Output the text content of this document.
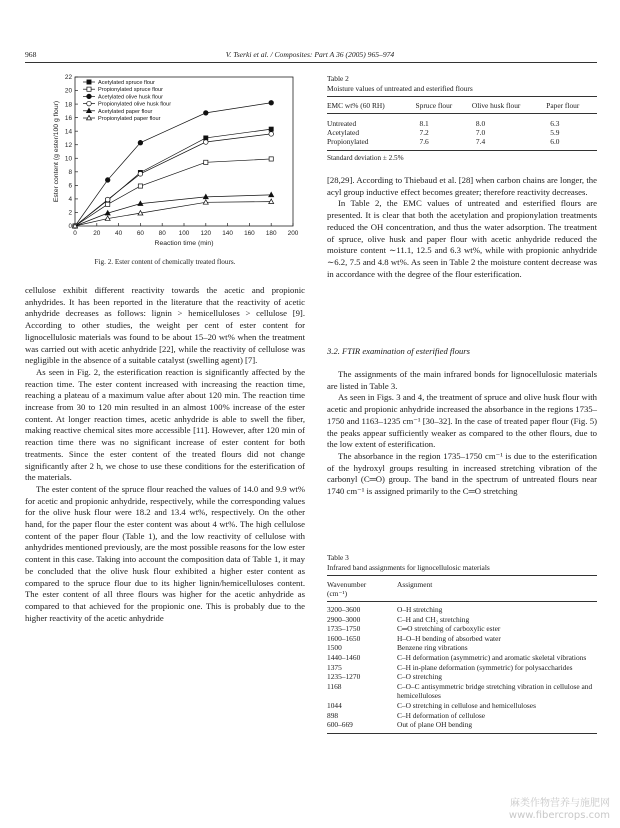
968	V. Tserki et al. / Composites: Part A 36 (2005) 965–974
0	20 40 60 80 100 120 140 160 180 200
0
2
4
6
8
10
12
14
16
18
20
22
Reaction time (min)
Ester content (g ester/100 g flour)
Acetylated spruce flour
Propionylated spruce flour
Acetylated olive husk flour
Propionylated olive husk flour
Acetylated paper flour
Propionylated paper flour
Fig. 2. Ester content of chemically treated flours.

cellulose exhibit different reactivity towards the acetic and propionic anhydrides. It has been reported in the literature that the reactivity of acetic anhydride decreases as follows: lignin > hemicelluloses > cellulose [9]. According to other studies, the weight per cent of ester content for lignocellulosic materials was found to be about 15–20 wt% when the treatment was carried out with acetic anhydride [22], while the reactivity of cellulose was negligible in the absence of a suitable catalyst (swelling agent) [7].

As seen in Fig. 2, the esterification reaction is significantly affected by the reaction time. The ester content increased with increasing the reaction time, reaching a plateau of a maximum value after about 120 min. The reaction time increase from 30 to 120 min resulted in an almost 100% increase of the ester content. At longer reaction times, acetic anhydride is able to swell the fiber, making reactive chemical sites more accessible [11]. However, after 120 min of reaction time there was no significant increase of ester content for both treatments. Since the ester content of the treated flours did not change significantly after 2 h, we chose to use these conditions for the esterification of the materials.

The ester content of the spruce flour reached the values of 14.0 and 9.9 wt% for acetic and propionic anhydride, respectively, while the corresponding values for the olive husk flour were 18.2 and 13.4 wt%, respectively. On the other hand, for the paper flour the ester content was about 4 wt%. The high cellulose content of the paper flour (Table 1), and the low reactivity of cellulose with anhydrides mentioned previously, are the most possible reasons for the low ester content in this case. Taking into account the composition data of Table 1, it may be concluded that the olive husk flour exhibited a higher ester content as compared to the spruce flour due to its higher lignin/hemicelluloses content. The ester content of all three flours was higher for the acetic anhydride as compared to that achieved for the propionic one. This is probably due to the higher reactivity of the acetic anhydride

Table 2
Moisture values of untreated and esterified flours
EMC wt% (60 RH)	Spruce flour	Olive husk flour	Paper flour
Untreated	8.1	8.0	6.3
Acetylated	7.2	7.0	5.9
Propionylated	7.6	7.4	6.0
Standard deviation ± 2.5%

[28,29]. According to Thiebaud et al. [28] when carbon chains are longer, the acyl group inductive effect becomes greater; therefore reactivity decreases.

In Table 2, the EMC values of untreated and esterified flours are presented. It is clear that both the acetylation and propionylation treatments reduced the OH concentration, and thus the water adsorption. The treatment of spruce, olive husk and paper flour with acetic anhydride reduced the moisture content ∼11.1, 12.5 and 6.3 wt%, while with propionic anhydride ∼6.2, 7.5 and 4.8 wt%. As seen in Table 2 the moisture content decrease was in accordance with the degree of the flour esterification.

3.2. FTIR examination of esterified flours

The assignments of the main infrared bonds for lignocellulosic materials are listed in Table 3.

As seen in Figs. 3 and 4, the treatment of spruce and olive husk flour with acetic and propionic anhydride increased the absorbance in the regions 1735–1750 and 1163–1235 cm⁻¹ [30–32]. In the case of treated paper flour (Fig. 5) the peaks appear sufficiently weaker as compared to the other flours, due to the low extent of esterification.

The absorbance in the region 1735–1750 cm⁻¹ is due to the esterification of the hydroxyl groups resulting in increased stretching vibration of the carbonyl (C═O) group. The band in the spectrum of untreated flours near 1740 cm⁻¹ is assigned primarily to the C═O stretching

Table 3
Infrared band assignments for lignocellulosic materials
Wavenumber
(cm⁻¹)	Assignment
3200–3600	O–H stretching
2900–3000	C–H and CH₂ stretching
1735–1750	C═O stretching of carboxylic ester
1600–1650	H–O–H bending of absorbed water
1500	Benzene ring vibrations
1440–1460	C–H deformation (asymmetric) and aromatic skeletal vibrations
1375	C–H in-plane deformation (symmetric) for polysaccharides
1235–1270	C–O stretching
1168	C–O–C antisymmetric bridge stretching vibration in cellulose and hemicelluloses
1044	C–O stretching in cellulose and hemicelluloses
898	C–H deformation of cellulose
600–669	Out of plane OH bending
麻类作物营养与施肥网
www.fibercrops.com
